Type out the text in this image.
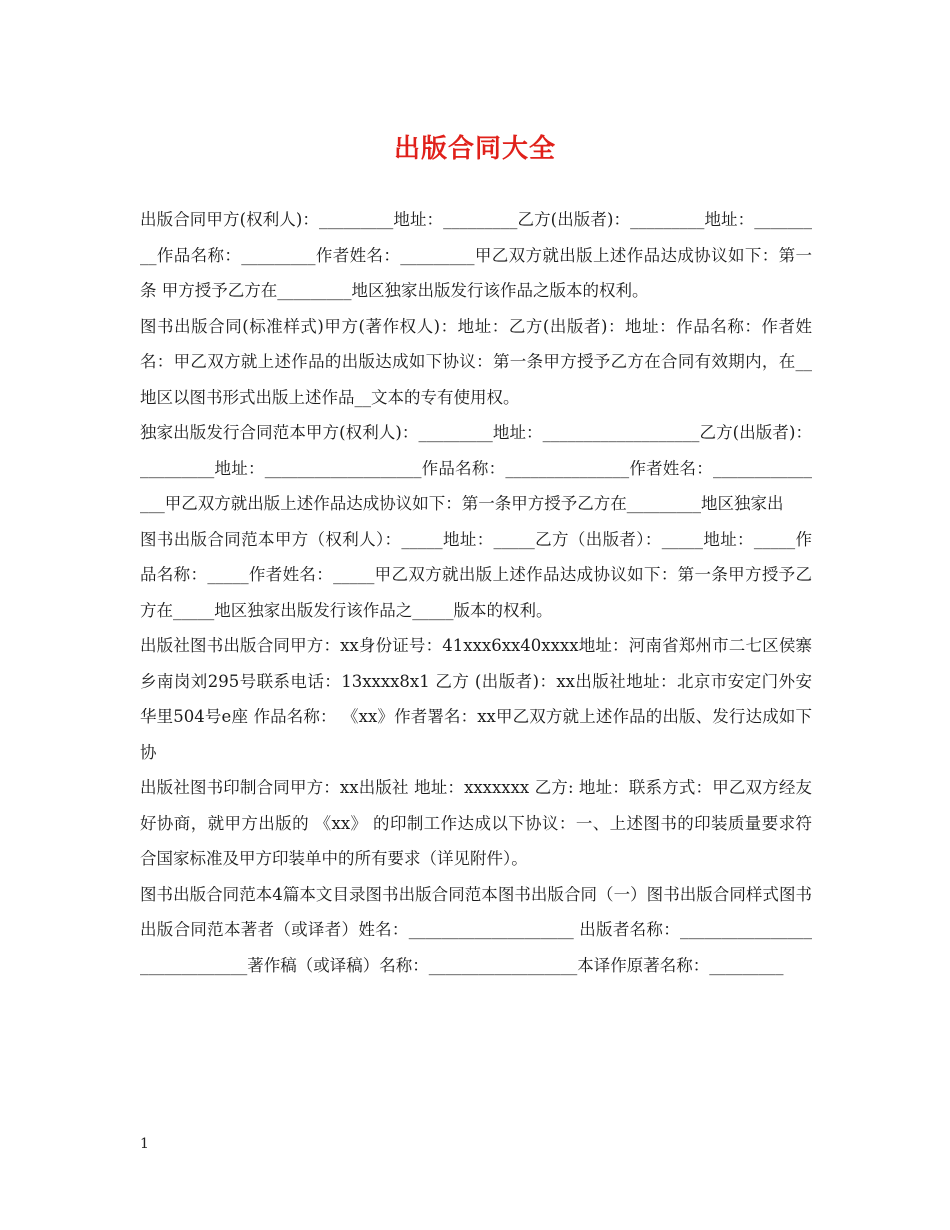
出版合同大全

出版合同甲方(权利人)：_________地址：_________乙方(出版者)：_________地址：_________作品名称：_________作者姓名：_________甲乙双方就出版上述作品达成协议如下：第一条 甲方授予乙方在_________地区独家出版发行该作品之版本的权利。

图书出版合同(标准样式)甲方(著作权人)：地址：乙方(出版者)：地址：作品名称：作者姓名：甲乙双方就上述作品的出版达成如下协议：第一条甲方授予乙方在合同有效期内，在__地区以图书形式出版上述作品__文本的专有使用权。

独家出版发行合同范本甲方(权利人)：_________地址：___________________乙方(出版者)：_________地址：___________________作品名称：_______________作者姓名：_______________甲乙双方就出版上述作品达成协议如下：第一条甲方授予乙方在_________地区独家出

图书出版合同范本甲方（权利人）：_____地址：_____乙方（出版者）：_____地址：_____作品名称：_____作者姓名：_____甲乙双方就出版上述作品达成协议如下：第一条甲方授予乙方在_____地区独家出版发行该作品之_____版本的权利。

出版社图书出版合同甲方：xx身份证号：41xxx6xx40xxxx地址：河南省郑州市二七区侯寨乡南岗刘295号联系电话：13xxxx8x1 乙方 (出版者)：xx出版社地址：北京市安定门外安华里504号e座 作品名称： 《xx》作者署名：xx甲乙双方就上述作品的出版、发行达成如下协

出版社图书印制合同甲方：xx出版社 地址：xxxxxxx 乙方: 地址：联系方式：甲乙双方经友好协商，就甲方出版的 《xx》 的印制工作达成以下协议：一、上述图书的印装质量要求符合国家标准及甲方印装单中的所有要求（详见附件）。

图书出版合同范本4篇本文目录图书出版合同范本图书出版合同（一）图书出版合同样式图书出版合同范本著者（或译者）姓名：____________________ 出版者名称：_____________________________著作稿（或译稿）名称：__________________本译作原著名称：_________

1
